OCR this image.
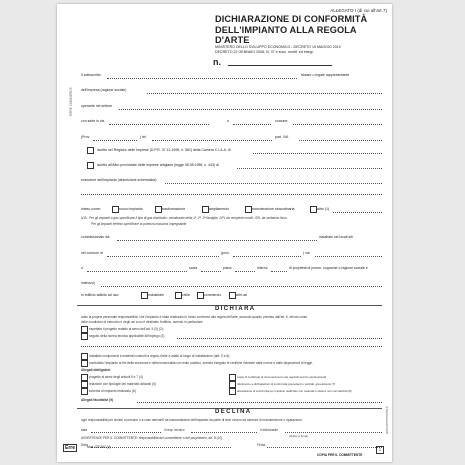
ERRE COMMERCE
www.erreerrezeta.it
ALLEGATO I (di cui all'art.7)
DICHIARAZIONE DI CONFORMITÀ
DELL'IMPIANTO ALLA REGOLA D'ARTE
MINISTERO DELLO SVILUPPO ECONOMICO - DECRETO 19 MAGGIO 2010
DECRETO 22 GENNAIO 2008, N. 37 e succ. modif. ed integr.
n.
Il sottoscritto	titolare o legale rappresentante
dell'impresa (ragione sociale)
operante nel settore
con sede in via	n.	comune
(Prov.	) tel.	part. IVA
iscritto nel Registro delle Imprese (D.P.R. 07.12.1995, n. 581) della Camera C.I.A.A. di
iscritto all'Albo provinciale delle imprese artigiane (legge 08.08.1985, n. 443) di
esecutore dell'impianto (descrizione schematica)
inteso come:	nuovo impianto	trasformazione	ampliamento	manutenzione straordinaria	altro (1)
N.B.: Per gli impianti a gas specificare il tipo di gas distribuito: canalizzato della 1ª, 2ª, 3ª famiglia; GPL da recipienti mobili; GPL da serbatoio fisso.
Per gli impianti elettrici specificare la potenza massima impegnabile.
commissionato da:	installato nei locali siti
nel comune di	(prov.	) via
n.	scala	piano	interno	di proprietà di (nome, cognome o ragione sociale e
indirizzo)
in edificio adibito ad uso:	industriale	civile	commercio	altri usi
DICHIARA
sotto la propria personale responsabilità, che l'impianto è stato realizzato in modo conforme alla regola dell'arte, secondo quanto previsto dall'art. 6, tenuto conto
delle condizioni di esercizio e degli usi a cui è destinato l'edificio, avendo in particolare:
rispettato il progetto redatto ai sensi dell'art. 5 (3) (2);
seguito della norma tecnica applicabile all'impiego (3)
installato componenti e materiali costruiti a regola d'arte e adatti al luogo di installazione (artt. 5 e 6);
controllato l'impianto ai fini della sicurezza e della funzionalità con esito positivo, avendo eseguito le verifiche richieste dalle norme e dalle disposizioni di legge.
Allegati obbligatori:
progetto ai sensi degli articoli 5 e 7 (4)
relazione con tipologie dei materiali utilizzati (5)
schema di impianto realizzato (6)
copia di certificato di riconoscimento dei requisiti tecnico-professionali
riferimento a dichiarazioni di conformità precedenti o parziali, già esistenti (7)
attestazione di conformità per impianto realizzato con materiali o sistemi non normalizzati (8)
Allegati facoltativi (9)
DECLINA
ogni responsabilità per sinistri a persone o a cose derivanti da manomissione dell'impianto da parte di terzi ovvero da carenze di manutenzione o riparazione.
data	Il resp. tecnico	Il dichiarante
(timbro e firma)
AVVERTENZE PER IL COMMITTENTE: responsabilità del committente o del proprietario, art. 8 (10)
Data	Firma
Erre	Mod. CR 842 (d)
COPIA PER IL COMMITTENTE
1
